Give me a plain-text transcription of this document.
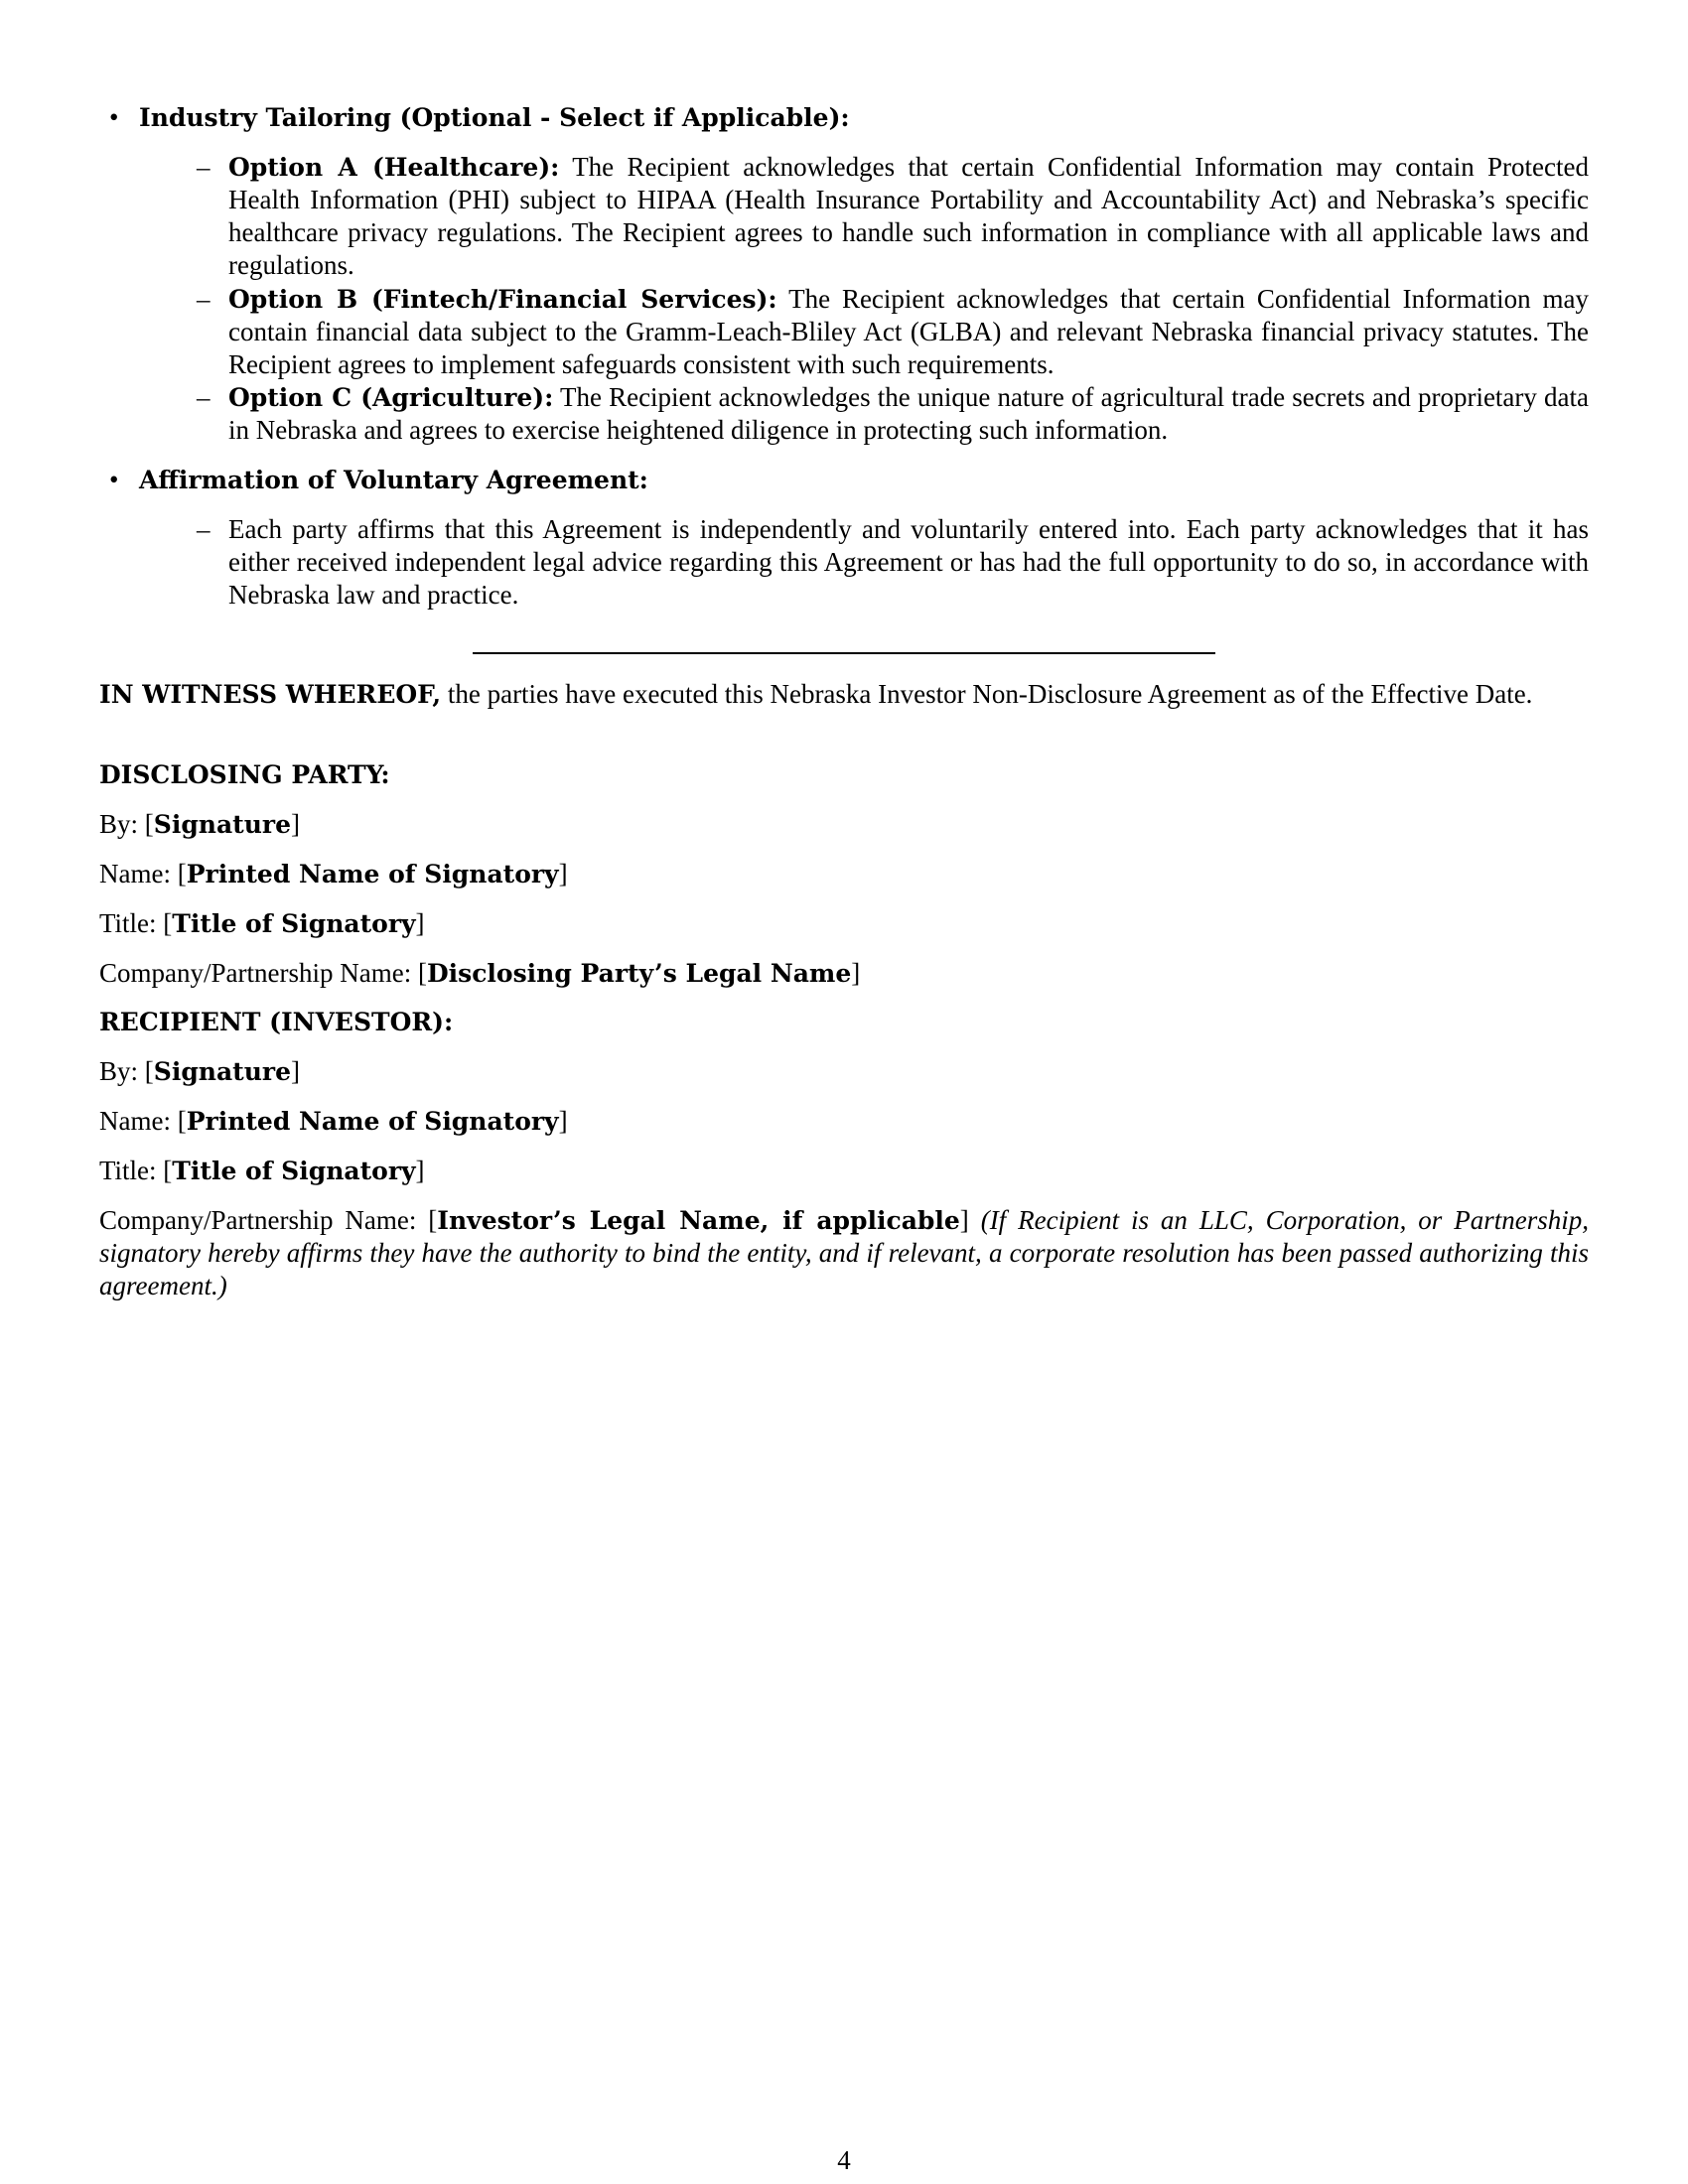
• Industry Tailoring (Optional - Select if Applicable):
– Option A (Healthcare): The Recipient acknowledges that certain Confidential Information may contain Protected Health Information (PHI) subject to HIPAA (Health Insurance Portability and Accountability Act) and Nebraska’s specific healthcare privacy regulations. The Recipient agrees to handle such information in compliance with all applicable laws and regulations.
– Option B (Fintech/Financial Services): The Recipient acknowledges that certain Confidential Information may contain financial data subject to the Gramm-Leach-Bliley Act (GLBA) and relevant Nebraska financial privacy statutes. The Recipient agrees to implement safeguards consistent with such requirements.
– Option C (Agriculture): The Recipient acknowledges the unique nature of agricultural trade secrets and proprietary data in Nebraska and agrees to exercise heightened diligence in protecting such information.
• Affirmation of Voluntary Agreement:
– Each party affirms that this Agreement is independently and voluntarily entered into. Each party acknowledges that it has either received independent legal advice regarding this Agreement or has had the full opportunity to do so, in accordance with Nebraska law and practice.
IN WITNESS WHEREOF, the parties have executed this Nebraska Investor Non-Disclosure Agreement as of the Effective Date.
DISCLOSING PARTY:
By: [Signature]
Name: [Printed Name of Signatory]
Title: [Title of Signatory]
Company/Partnership Name: [Disclosing Party’s Legal Name]
RECIPIENT (INVESTOR):
By: [Signature]
Name: [Printed Name of Signatory]
Title: [Title of Signatory]
Company/Partnership Name: [Investor’s Legal Name, if applicable] (If Recipient is an LLC, Corporation, or Partnership, signatory hereby affirms they have the authority to bind the entity, and if relevant, a corporate resolution has been passed authorizing this agreement.)
4
